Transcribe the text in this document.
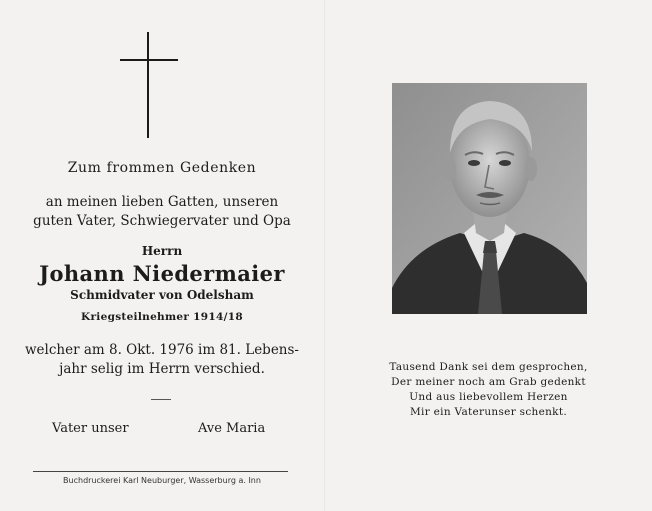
Zum frommen Gedenken
an meinen lieben Gatten, unseren
guten Vater, Schwiegervater und Opa
Herrn
Johann Niedermaier
Schmidvater von Odelsham
Kriegsteilnehmer 1914/18
welcher am 8. Okt. 1976 im 81. Lebens-
jahr selig im Herrn verschied.
Vater unser	Ave Maria
Buchdruckerei Karl Neuburger, Wasserburg a. Inn
Tausend Dank sei dem gesprochen,
Der meiner noch am Grab gedenkt
Und aus liebevollem Herzen
Mir ein Vaterunser schenkt.
